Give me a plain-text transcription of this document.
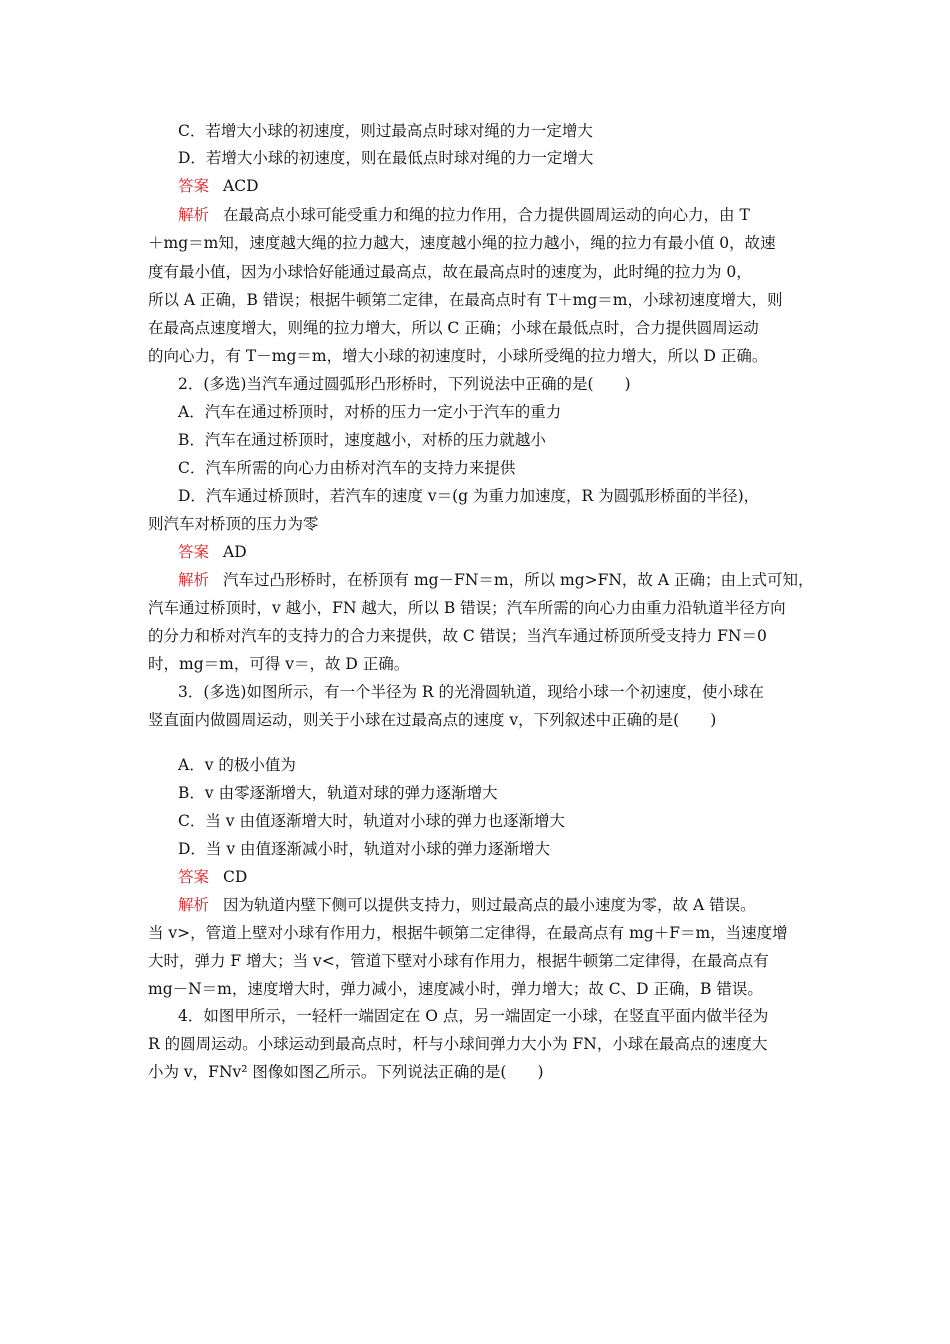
C．若增大小球的初速度，则过最高点时球对绳的力一定增大
D．若增大小球的初速度，则在最低点时球对绳的力一定增大
答案 ACD
解析 在最高点小球可能受重力和绳的拉力作用，合力提供圆周运动的向心力，由 T
＋mg＝m知，速度越大绳的拉力越大，速度越小绳的拉力越小，绳的拉力有最小值 0，故速
度有最小值，因为小球恰好能通过最高点，故在最高点时的速度为，此时绳的拉力为 0，
所以 A 正确，B 错误；根据牛顿第二定律，在最高点时有 T＋mg＝m，小球初速度增大，则
在最高点速度增大，则绳的拉力增大，所以 C 正确；小球在最低点时，合力提供圆周运动
的向心力，有 T－mg＝m，增大小球的初速度时，小球所受绳的拉力增大，所以 D 正确。
2．(多选)当汽车通过圆弧形凸形桥时，下列说法中正确的是(　　)
A．汽车在通过桥顶时，对桥的压力一定小于汽车的重力
B．汽车在通过桥顶时，速度越小，对桥的压力就越小
C．汽车所需的向心力由桥对汽车的支持力来提供
D．汽车通过桥顶时，若汽车的速度 v＝(g 为重力加速度，R 为圆弧形桥面的半径)，
则汽车对桥顶的压力为零
答案 AD
解析 汽车过凸形桥时，在桥顶有 mg－FN＝m，所以 mg>FN，故 A 正确；由上式可知，
汽车通过桥顶时，v 越小，FN 越大，所以 B 错误；汽车所需的向心力由重力沿轨道半径方向
的分力和桥对汽车的支持力的合力来提供，故 C 错误；当汽车通过桥顶所受支持力 FN＝0
时，mg＝m，可得 v＝，故 D 正确。
3．(多选)如图所示，有一个半径为 R 的光滑圆轨道，现给小球一个初速度，使小球在
竖直面内做圆周运动，则关于小球在过最高点的速度 v，下列叙述中正确的是(　　)
A．v 的极小值为
B．v 由零逐渐增大，轨道对球的弹力逐渐增大
C．当 v 由值逐渐增大时，轨道对小球的弹力也逐渐增大
D．当 v 由值逐渐减小时，轨道对小球的弹力逐渐增大
答案 CD
解析 因为轨道内壁下侧可以提供支持力，则过最高点的最小速度为零，故 A 错误。
当 v>，管道上壁对小球有作用力，根据牛顿第二定律得，在最高点有 mg＋F＝m，当速度增
大时，弹力 F 增大；当 v<，管道下壁对小球有作用力，根据牛顿第二定律得，在最高点有
mg－N＝m，速度增大时，弹力减小，速度减小时，弹力增大；故 C、D 正确，B 错误。
4．如图甲所示，一轻杆一端固定在 O 点，另一端固定一小球，在竖直平面内做半径为
R 的圆周运动。小球运动到最高点时，杆与小球间弹力大小为 FN，小球在最高点的速度大
小为 v，FNv² 图像如图乙所示。下列说法正确的是(　　)
